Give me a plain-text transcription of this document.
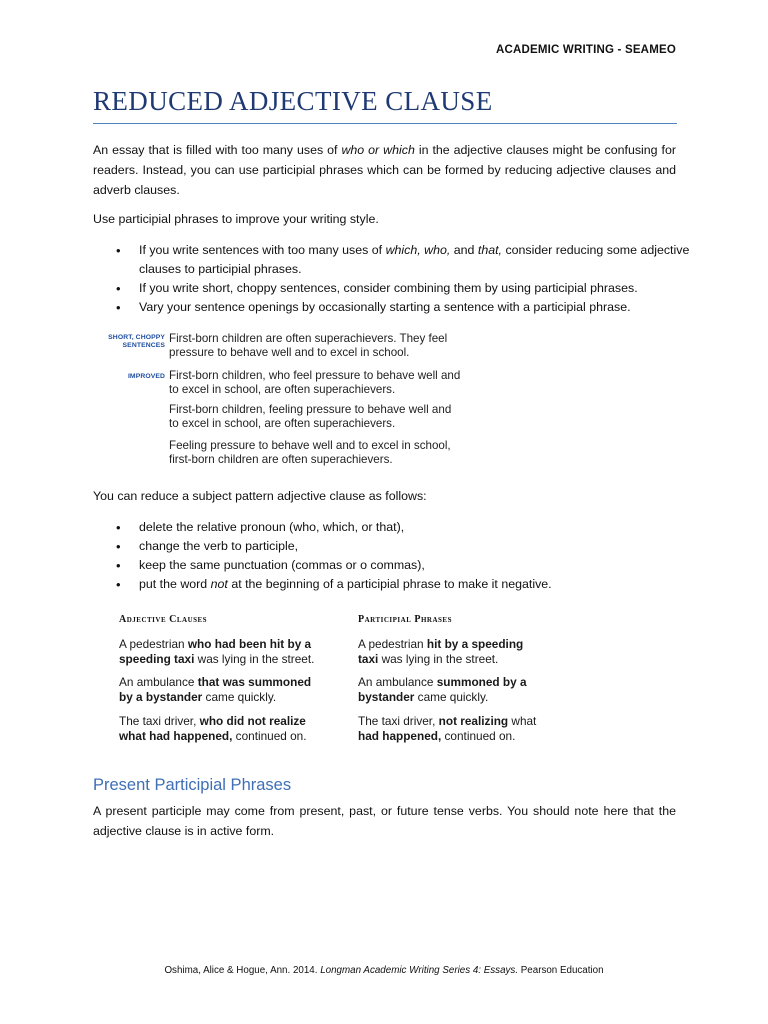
ACADEMIC WRITING - SEAMEO
REDUCED ADJECTIVE CLAUSE
An essay that is filled with too many uses of who or which in the adjective clauses might be confusing for readers. Instead, you can use participial phrases which can be formed by reducing adjective clauses and adverb clauses.
Use participial phrases to improve your writing style.
• If you write sentences with too many uses of which, who, and that, consider reducing some adjective clauses to participial phrases.
• If you write short, choppy sentences, consider combining them by using participial phrases.
• Vary your sentence openings by occasionally starting a sentence with a participial phrase.
SHORT, CHOPPY
SENTENCES
First-born children are often superachievers. They feel
pressure to behave well and to excel in school.
IMPROVED First-born children, who feel pressure to behave well and
to excel in school, are often superachievers.
First-born children, feeling pressure to behave well and
to excel in school, are often superachievers.
Feeling pressure to behave well and to excel in school,
first-born children are often superachievers.
You can reduce a subject pattern adjective clause as follows:
• delete the relative pronoun (who, which, or that),
• change the verb to participle,
• keep the same punctuation (commas or o commas),
• put the word not at the beginning of a participial phrase to make it negative.
Adjective Clauses	Participial Phrases
A pedestrian who had been hit by a
speeding taxi was lying in the street.
A pedestrian hit by a speeding
taxi was lying in the street.
An ambulance that was summoned
by a bystander came quickly.
An ambulance summoned by a
bystander came quickly.
The taxi driver, who did not realize
what had happened, continued on.
The taxi driver, not realizing what
had happened, continued on.
Present Participial Phrases
A present participle may come from present, past, or future tense verbs. You should note here that the adjective clause is in active form.
Oshima, Alice & Hogue, Ann. 2014. Longman Academic Writing Series 4: Essays. Pearson Education
